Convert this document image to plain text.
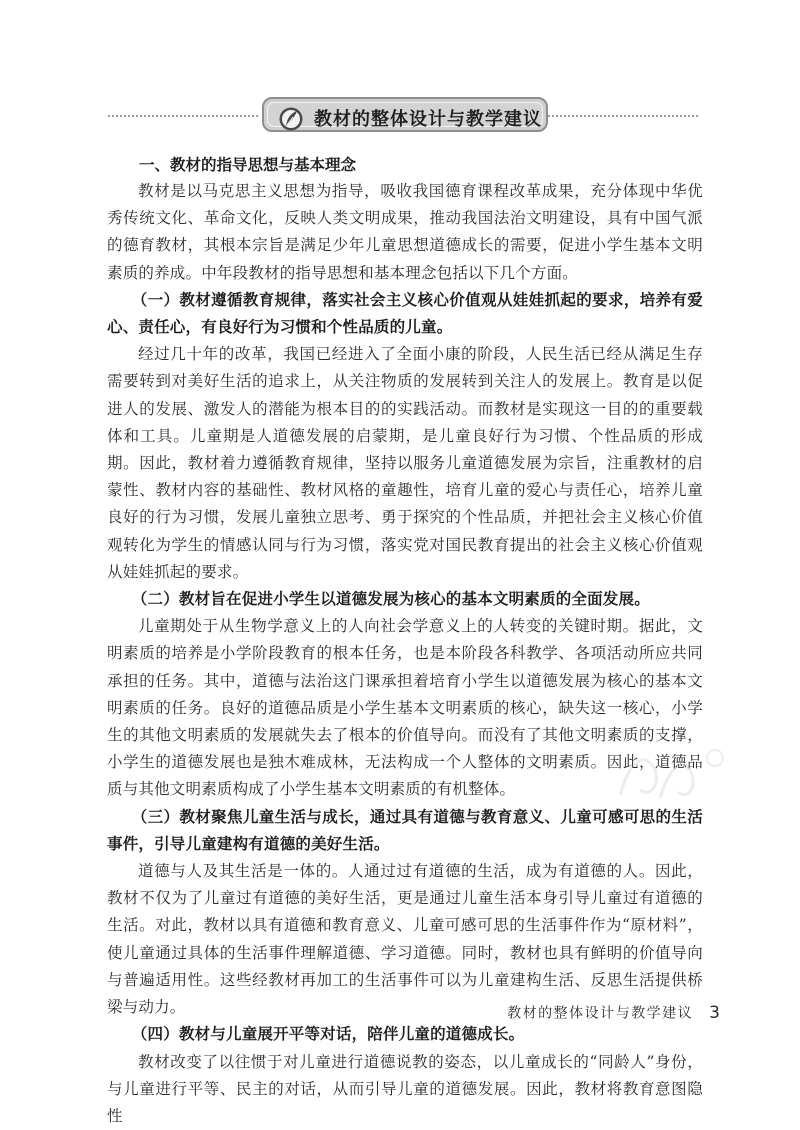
教材的整体设计与教学建议

一、教材的指导思想与基本理念

教材是以马克思主义思想为指导，吸收我国德育课程改革成果，充分体现中华优秀传统文化、革命文化，反映人类文明成果，推动我国法治文明建设，具有中国气派的德育教材，其根本宗旨是满足少年儿童思想道德成长的需要，促进小学生基本文明素质的养成。中年段教材的指导思想和基本理念包括以下几个方面。

（一）教材遵循教育规律，落实社会主义核心价值观从娃娃抓起的要求，培养有爱心、责任心，有良好行为习惯和个性品质的儿童。

经过几十年的改革，我国已经进入了全面小康的阶段，人民生活已经从满足生存需要转到对美好生活的追求上，从关注物质的发展转到关注人的发展上。教育是以促进人的发展、激发人的潜能为根本目的的实践活动。而教材是实现这一目的的重要载体和工具。儿童期是人道德发展的启蒙期，是儿童良好行为习惯、个性品质的形成期。因此，教材着力遵循教育规律，坚持以服务儿童道德发展为宗旨，注重教材的启蒙性、教材内容的基础性、教材风格的童趣性，培育儿童的爱心与责任心，培养儿童良好的行为习惯，发展儿童独立思考、勇于探究的个性品质，并把社会主义核心价值观转化为学生的情感认同与行为习惯，落实党对国民教育提出的社会主义核心价值观从娃娃抓起的要求。

（二）教材旨在促进小学生以道德发展为核心的基本文明素质的全面发展。

儿童期处于从生物学意义上的人向社会学意义上的人转变的关键时期。据此，文明素质的培养是小学阶段教育的根本任务，也是本阶段各科教学、各项活动所应共同承担的任务。其中，道德与法治这门课承担着培育小学生以道德发展为核心的基本文明素质的任务。良好的道德品质是小学生基本文明素质的核心，缺失这一核心，小学生的其他文明素质的发展就失去了根本的价值导向。而没有了其他文明素质的支撑，小学生的道德发展也是独木难成林，无法构成一个人整体的文明素质。因此，道德品质与其他文明素质构成了小学生基本文明素质的有机整体。

（三）教材聚焦儿童生活与成长，通过具有道德与教育意义、儿童可感可思的生活事件，引导儿童建构有道德的美好生活。

道德与人及其生活是一体的。人通过过有道德的生活，成为有道德的人。因此，教材不仅为了儿童过有道德的美好生活，更是通过儿童生活本身引导儿童过有道德的生活。对此，教材以具有道德和教育意义、儿童可感可思的生活事件作为“原材料”，使儿童通过具体的生活事件理解道德、学习道德。同时，教材也具有鲜明的价值导向与普遍适用性。这些经教材再加工的生活事件可以为儿童建构生活、反思生活提供桥梁与动力。

（四）教材与儿童展开平等对话，陪伴儿童的道德成长。

教材改变了以往惯于对儿童进行道德说教的姿态，以儿童成长的“同龄人”身份，与儿童进行平等、民主的对话，从而引导儿童的道德发展。因此，教材将教育意图隐性

教材的整体设计与教学建议 3
